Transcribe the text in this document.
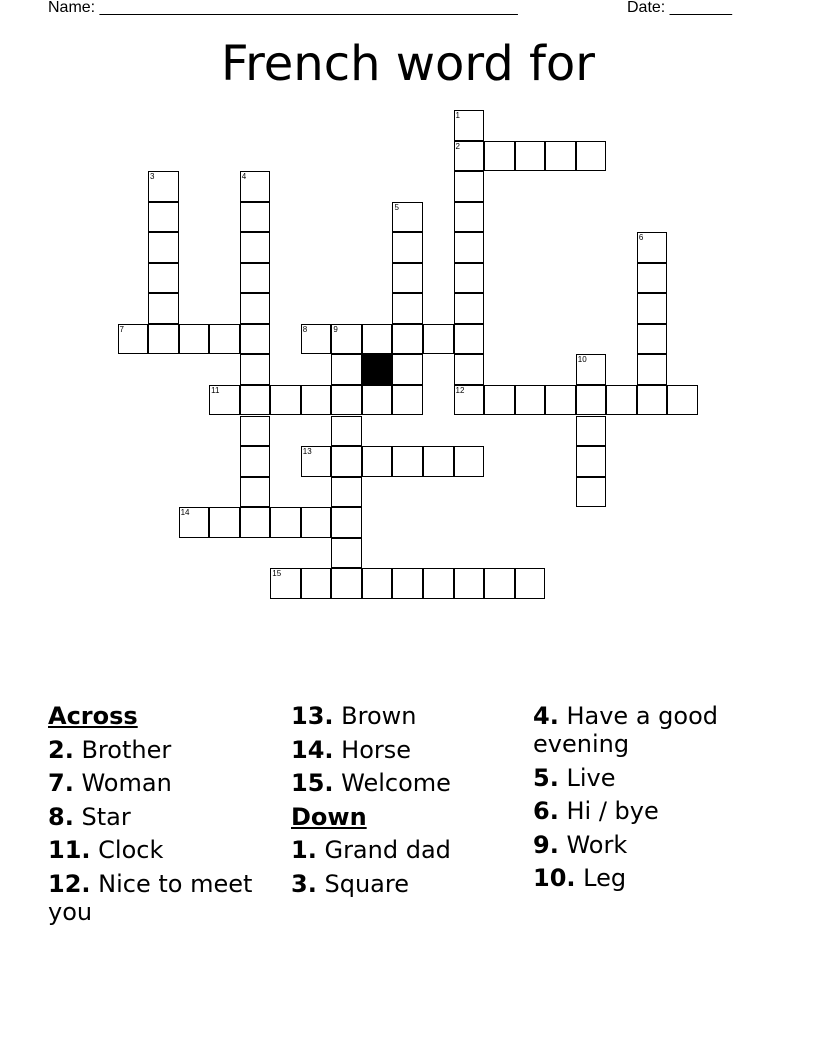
Name: _______________________________________________	Date: _______
French word for
2
7	8	9
11	12
13
14
15
1
3	4
5
6
10
Across
2. Brother
7. Woman
8. Star
11. Clock
12. Nice to meet you
13. Brown
14. Horse
15. Welcome
Down
1. Grand dad
3. Square
4. Have a good evening
5. Live
6. Hi / bye
9. Work
10. Leg
